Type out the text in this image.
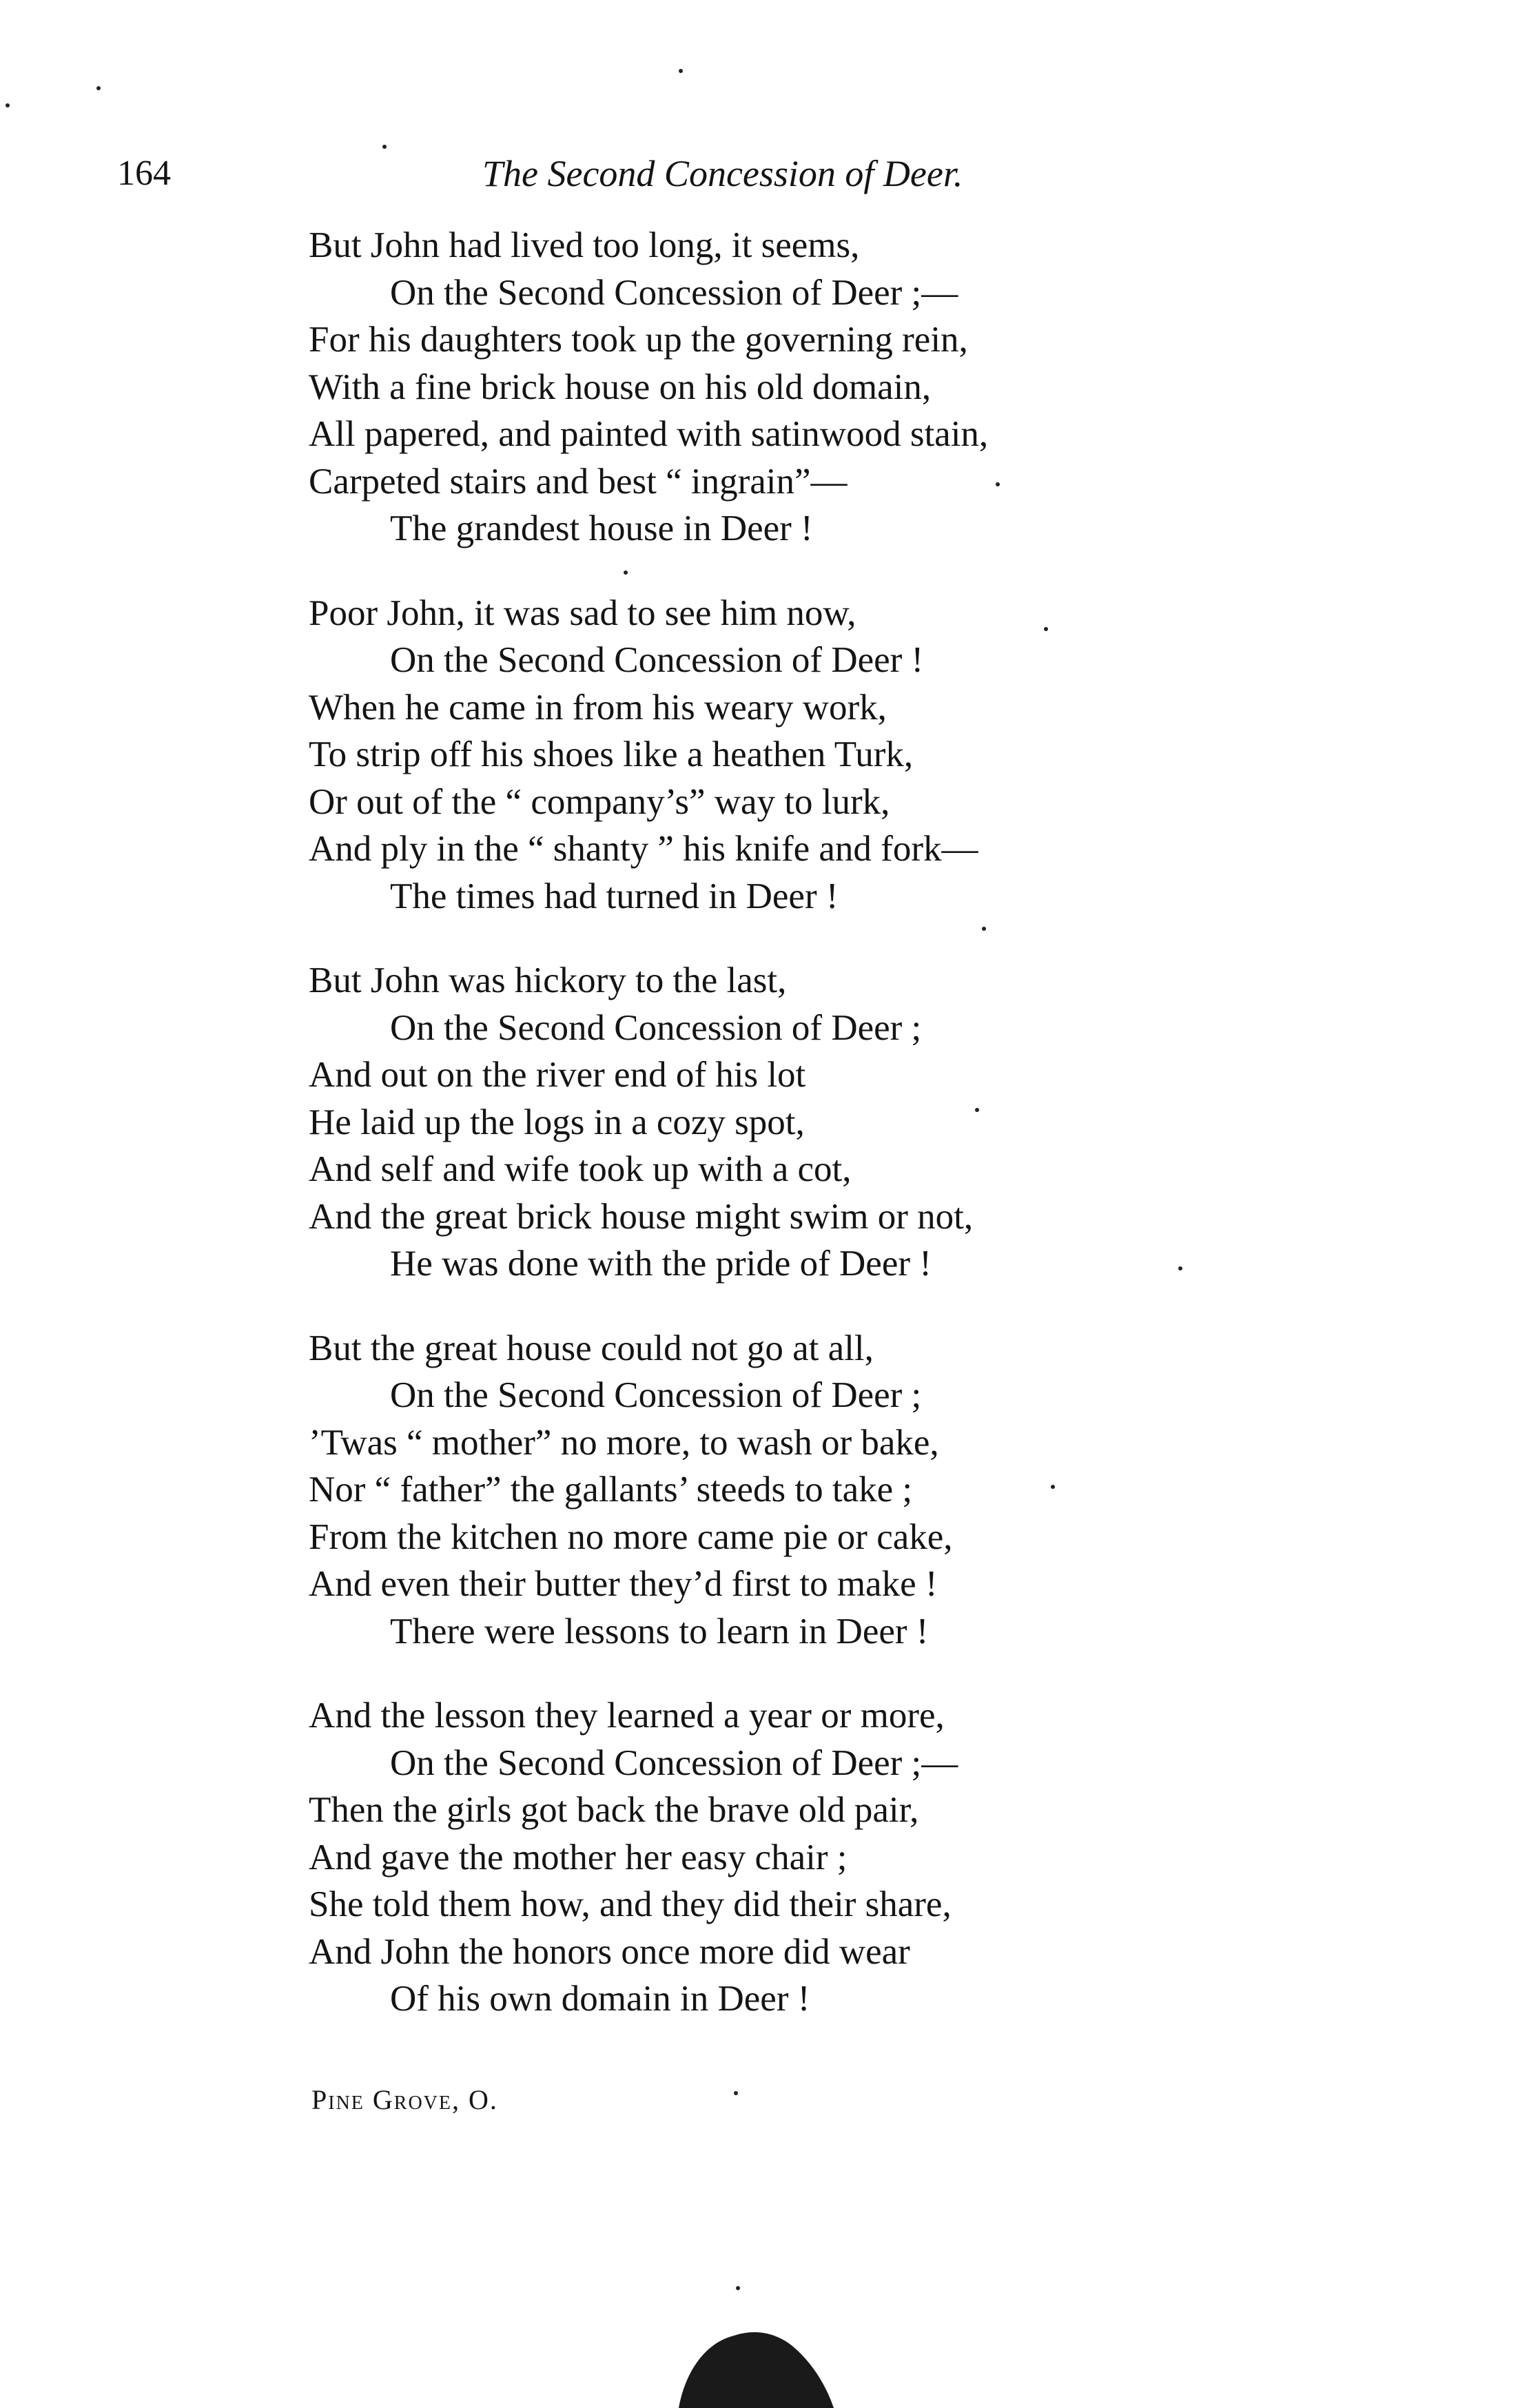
164	The Second Concession of Deer.
But John had lived too long, it seems,
On the Second Concession of Deer ;—
For his daughters took up the governing rein,
With a fine brick house on his old domain,
All papered, and painted with satinwood stain,
Carpeted stairs and best “ ingrain”—
The grandest house in Deer !
Poor John, it was sad to see him now,
On the Second Concession of Deer !
When he came in from his weary work,
To strip off his shoes like a heathen Turk,
Or out of the “ company’s” way to lurk,
And ply in the “ shanty ” his knife and fork—
The times had turned in Deer !
But John was hickory to the last,
On the Second Concession of Deer ;
And out on the river end of his lot
He laid up the logs in a cozy spot,
And self and wife took up with a cot,
And the great brick house might swim or not,
He was done with the pride of Deer !
But the great house could not go at all,
On the Second Concession of Deer ;
’Twas “ mother” no more, to wash or bake,
Nor “ father” the gallants’ steeds to take ;
From the kitchen no more came pie or cake,
And even their butter they’d first to make !
There were lessons to learn in Deer !
And the lesson they learned a year or more,
On the Second Concession of Deer ;—
Then the girls got back the brave old pair,
And gave the mother her easy chair ;
She told them how, and they did their share,
And John the honors once more did wear
Of his own domain in Deer !
Pine Grove, O.
